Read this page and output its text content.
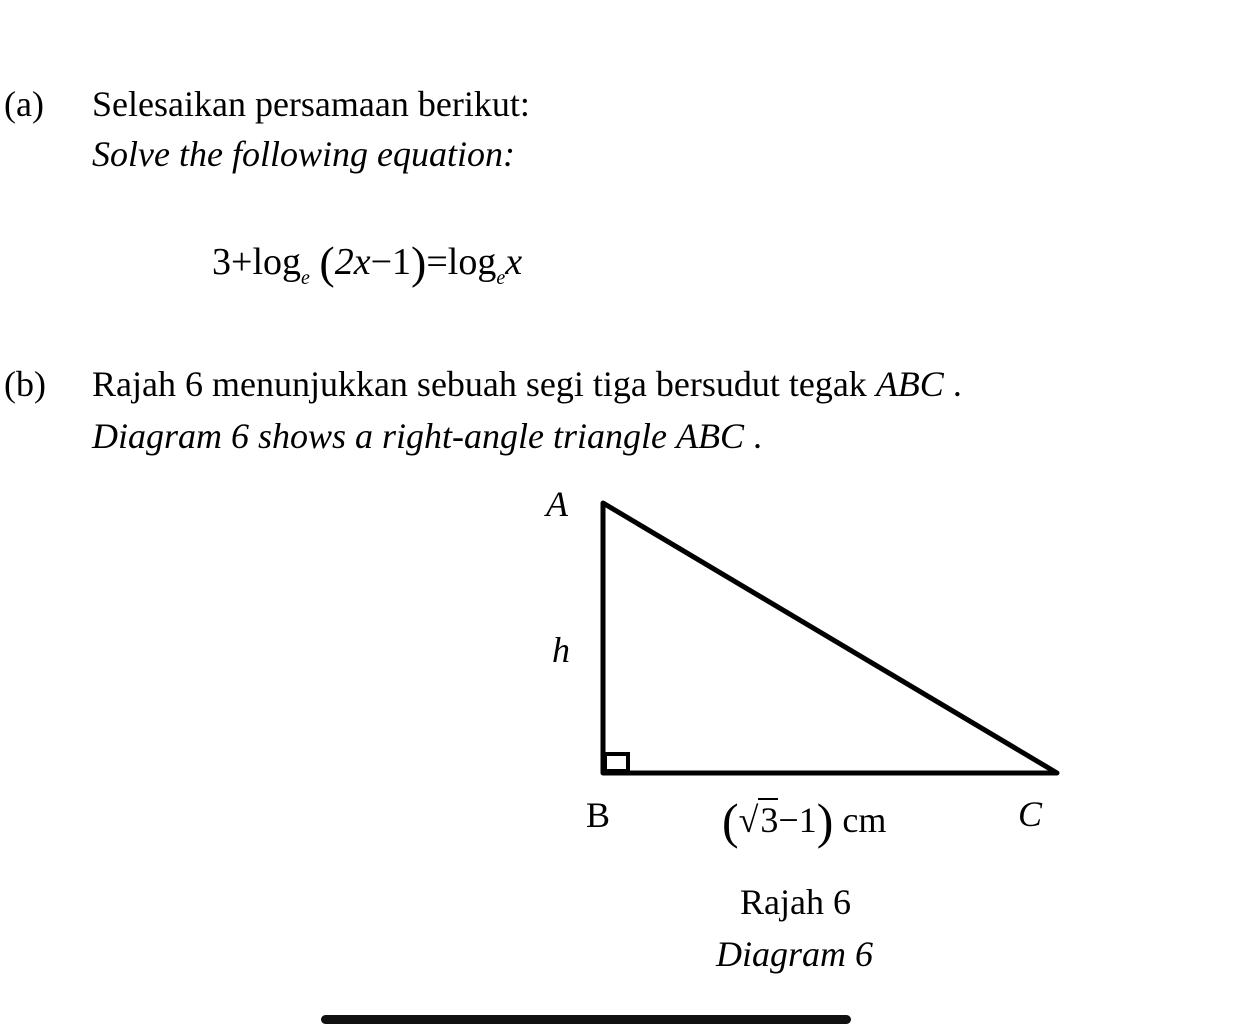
(a) Selesaikan persamaan berikut:
Solve the following equation:
$3+\log_e$ $(2x-1)=\log_ex$
(b) Rajah 6 menunjukkan sebuah segi tiga bersudut tegak ABC .
Diagram 6 shows a right-angle triangle ABC .
A
h
B	C
(√3−1) cm
Rajah 6
Diagram 6
